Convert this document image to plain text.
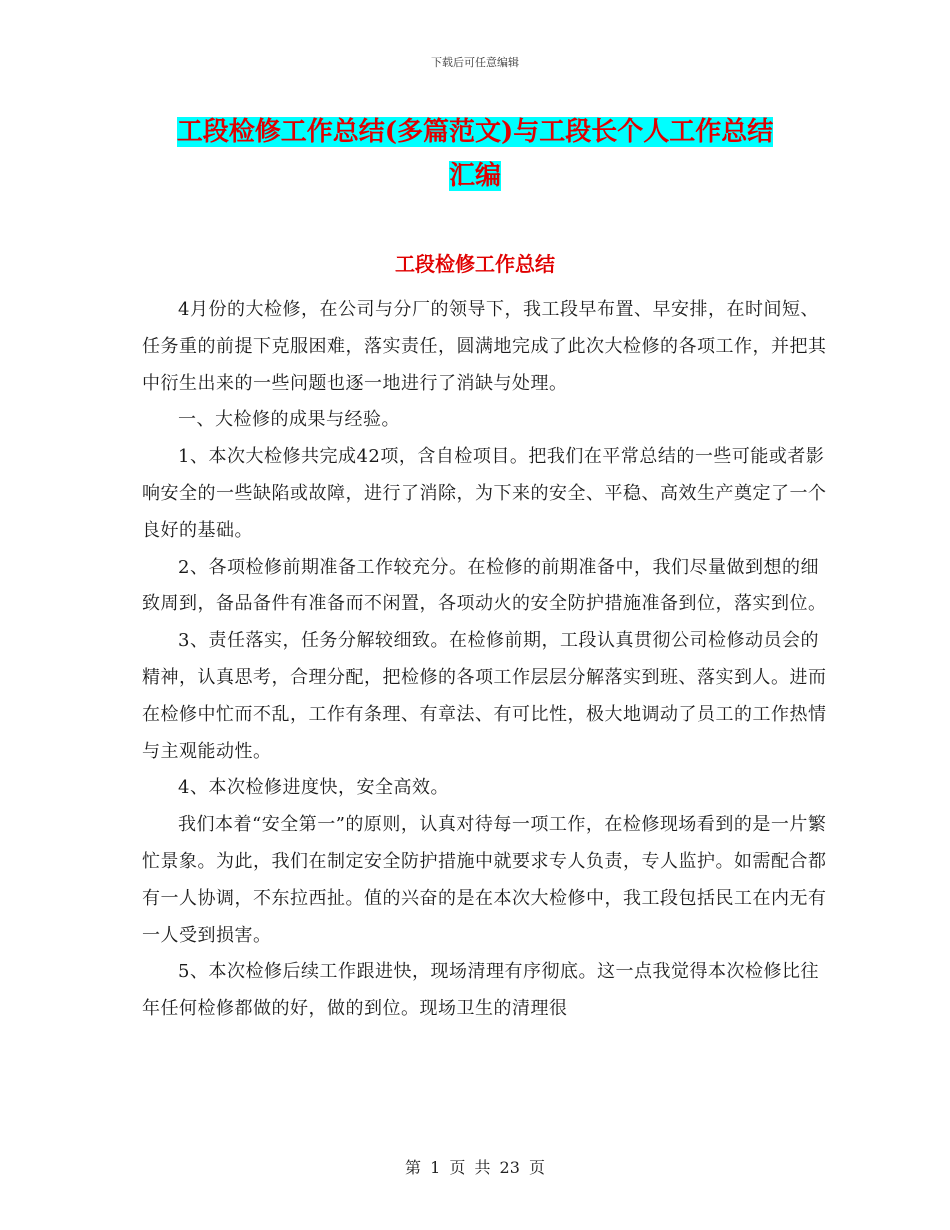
下载后可任意编辑
工段检修工作总结(多篇范文)与工段长个人工作总结
汇编
工段检修工作总结

4月份的大检修，在公司与分厂的领导下，我工段早布置、早安排，在时间短、任务重的前提下克服困难，落实责任，圆满地完成了此次大检修的各项工作，并把其中衍生出来的一些问题也逐一地进行了消缺与处理。

一、大检修的成果与经验。

1、本次大检修共完成42项，含自检项目。把我们在平常总结的一些可能或者影响安全的一些缺陷或故障，进行了消除，为下来的安全、平稳、高效生产奠定了一个良好的基础。

2、各项检修前期准备工作较充分。在检修的前期准备中，我们尽量做到想的细致周到，备品备件有准备而不闲置，各项动火的安全防护措施准备到位，落实到位。

3、责任落实，任务分解较细致。在检修前期，工段认真贯彻公司检修动员会的精神，认真思考，合理分配，把检修的各项工作层层分解落实到班、落实到人。进而在检修中忙而不乱，工作有条理、有章法、有可比性，极大地调动了员工的工作热情与主观能动性。

4、本次检修进度快，安全高效。

我们本着“安全第一”的原则，认真对待每一项工作，在检修现场看到的是一片繁忙景象。为此，我们在制定安全防护措施中就要求专人负责，专人监护。如需配合都有一人协调，不东拉西扯。值的兴奋的是在本次大检修中，我工段包括民工在内无有一人受到损害。

5、本次检修后续工作跟进快，现场清理有序彻底。这一点我觉得本次检修比往年任何检修都做的好，做的到位。现场卫生的清理很

第 1 页 共 23 页
